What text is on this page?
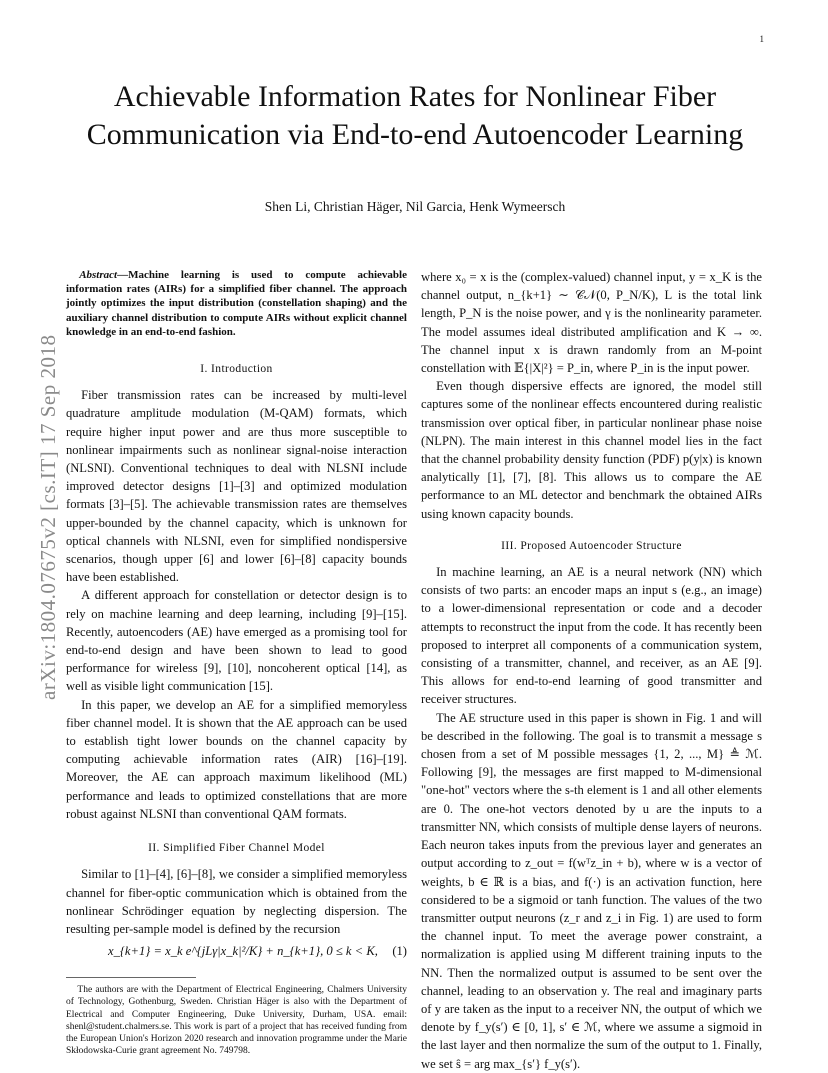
1
arXiv:1804.07675v2 [cs.IT] 17 Sep 2018
Achievable Information Rates for Nonlinear Fiber Communication via End-to-end Autoencoder Learning
Shen Li, Christian Häger, Nil Garcia, Henk Wymeersch
Abstract—Machine learning is used to compute achievable information rates (AIRs) for a simplified fiber channel. The approach jointly optimizes the input distribution (constellation shaping) and the auxiliary channel distribution to compute AIRs without explicit channel knowledge in an end-to-end fashion.
I. Introduction

Fiber transmission rates can be increased by multi-level quadrature amplitude modulation (M-QAM) formats, which require higher input power and are thus more susceptible to nonlinear impairments such as nonlinear signal-noise interaction (NLSNI). Conventional techniques to deal with NLSNI include improved detector designs [1]–[3] and optimized modulation formats [3]–[5]. The achievable transmission rates are themselves upper-bounded by the channel capacity, which is unknown for optical channels with NLSNI, even for simplified nondispersive scenarios, though upper [6] and lower [6]–[8] capacity bounds have been established.

A different approach for constellation or detector design is to rely on machine learning and deep learning, including [9]–[15]. Recently, autoencoders (AE) have emerged as a promising tool for end-to-end design and have been shown to lead to good performance for wireless [9], [10], noncoherent optical [14], as well as visible light communication [15].

In this paper, we develop an AE for a simplified memoryless fiber channel model. It is shown that the AE approach can be used to establish tight lower bounds on the channel capacity by computing achievable information rates (AIR) [16]–[19]. Moreover, the AE can approach maximum likelihood (ML) performance and leads to optimized constellations that are more robust against NLSNI than conventional QAM formats.

II. Simplified Fiber Channel Model

Similar to [1]–[4], [6]–[8], we consider a simplified memoryless channel for fiber-optic communication which is obtained from the nonlinear Schrödinger equation by neglecting dispersion. The resulting per-sample model is defined by the recursion

x_{k+1} = x_k e^{jLγ|x_k|²/K} + n_{k+1}, 0 ≤ k < K, (1)

The authors are with the Department of Electrical Engineering, Chalmers University of Technology, Gothenburg, Sweden. Christian Häger is also with the Department of Electrical and Computer Engineering, Duke University, Durham, USA. email: shenl@student.chalmers.se. This work is part of a project that has received funding from the European Union's Horizon 2020 research and innovation programme under the Marie Skłodowska-Curie grant agreement No. 749798.

where x₀ = x is the (complex-valued) channel input, y = x_K is the channel output, n_{k+1} ∼ 𝒞𝒩(0, P_N/K), L is the total link length, P_N is the noise power, and γ is the nonlinearity parameter. The model assumes ideal distributed amplification and K → ∞. The channel input x is drawn randomly from an M-point constellation with 𝔼{|X|²} = P_in, where P_in is the input power.

Even though dispersive effects are ignored, the model still captures some of the nonlinear effects encountered during realistic transmission over optical fiber, in particular nonlinear phase noise (NLPN). The main interest in this channel model lies in the fact that the channel probability density function (PDF) p(y|x) is known analytically [1], [7], [8]. This allows us to compare the AE performance to an ML detector and benchmark the obtained AIRs using known capacity bounds.

III. Proposed Autoencoder Structure

In machine learning, an AE is a neural network (NN) which consists of two parts: an encoder maps an input s (e.g., an image) to a lower-dimensional representation or code and a decoder attempts to reconstruct the input from the code. It has recently been proposed to interpret all components of a communication system, consisting of a transmitter, channel, and receiver, as an AE [9]. This allows for end-to-end learning of good transmitter and receiver structures.

The AE structure used in this paper is shown in Fig. 1 and will be described in the following. The goal is to transmit a message s chosen from a set of M possible messages {1, 2, ..., M} ≜ ℳ. Following [9], the messages are first mapped to M-dimensional "one-hot" vectors where the s-th element is 1 and all other elements are 0. The one-hot vectors denoted by u are the inputs to a transmitter NN, which consists of multiple dense layers of neurons. Each neuron takes inputs from the previous layer and generates an output according to z_out = f(wᵀz_in + b), where w is a vector of weights, b ∈ ℝ is a bias, and f(·) is an activation function, here considered to be a sigmoid or tanh function. The values of the two transmitter output neurons (z_r and z_i in Fig. 1) are used to form the channel input. To meet the average power constraint, a normalization is applied using M different training inputs to the NN. Then the normalized output is assumed to be sent over the channel, leading to an observation y. The real and imaginary parts of y are taken as the input to a receiver NN, the output of which we denote by f_y(s′) ∈ [0, 1], s′ ∈ ℳ, where we assume a sigmoid in the last layer and then normalize the sum of the output to 1. Finally, we set ŝ = arg max_{s′} f_y(s′).
